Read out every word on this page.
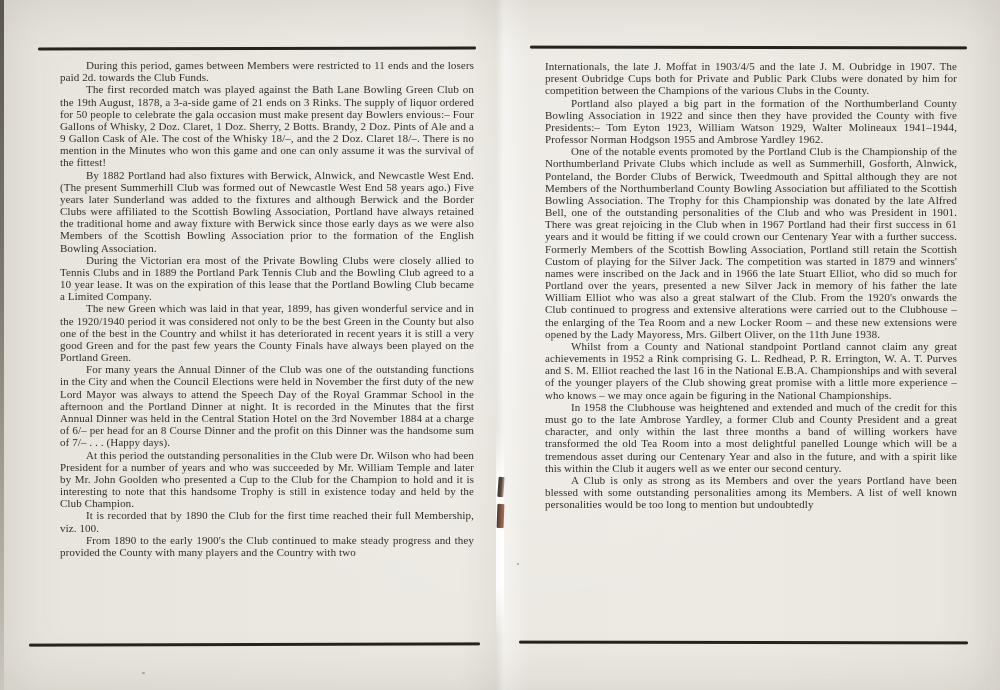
During this period, games between Members were restricted to 11 ends and the losers paid 2d. towards the Club Funds.

The first recorded match was played against the Bath Lane Bowling Green Club on the 19th August, 1878, a 3-a-side game of 21 ends on 3 Rinks. The supply of liquor ordered for 50 people to celebrate the gala occasion must make present day Bowlers envious:– Four Gallons of Whisky, 2 Doz. Claret, 1 Doz. Sherry, 2 Botts. Brandy, 2 Doz. Pints of Ale and a 9 Gallon Cask of Ale. The cost of the Whisky 18/–, and the 2 Doz. Claret 18/–. There is no mention in the Minutes who won this game and one can only assume it was the survival of the fittest!

By 1882 Portland had also fixtures with Berwick, Alnwick, and Newcastle West End. (The present Summerhill Club was formed out of Newcastle West End 58 years ago.) Five years later Sunderland was added to the fixtures and although Berwick and the Border Clubs were affiliated to the Scottish Bowling Association, Portland have always retained the traditional home and away fixture with Berwick since those early days as we were also Members of the Scottish Bowling Association prior to the formation of the English Bowling Association.

During the Victorian era most of the Private Bowling Clubs were closely allied to Tennis Clubs and in 1889 the Portland Park Tennis Club and the Bowling Club agreed to a 10 year lease. It was on the expiration of this lease that the Portland Bowling Club became a Limited Company.

The new Green which was laid in that year, 1899, has given wonderful service and in the 1920/1940 period it was considered not only to be the best Green in the County but also one of the best in the Country and whilst it has deteriorated in recent years it is still a very good Green and for the past few years the County Finals have always been played on the Portland Green.

For many years the Annual Dinner of the Club was one of the outstanding functions in the City and when the Council Elections were held in November the first duty of the new Lord Mayor was always to attend the Speech Day of the Royal Grammar School in the afternoon and the Portland Dinner at night. It is recorded in the Minutes that the first Annual Dinner was held in the Central Station Hotel on the 3rd November 1884 at a charge of 6/– per head for an 8 Course Dinner and the profit on this Dinner was the handsome sum of 7/– . . . (Happy days).

At this period the outstanding personalities in the Club were Dr. Wilson who had been President for a number of years and who was succeeded by Mr. William Temple and later by Mr. John Goolden who presented a Cup to the Club for the Champion to hold and it is interesting to note that this handsome Trophy is still in existence today and held by the Club Champion.

It is recorded that by 1890 the Club for the first time reached their full Membership, viz. 100.

From 1890 to the early 1900's the Club continued to make steady progress and they provided the County with many players and the Country with two

Internationals, the late J. Moffat in 1903/4/5 and the late J. M. Oubridge in 1907. The present Oubridge Cups both for Private and Public Park Clubs were donated by him for competition between the Champions of the various Clubs in the County.

Portland also played a big part in the formation of the Northumberland County Bowling Association in 1922 and since then they have provided the County with five Presidents:– Tom Eyton 1923, William Watson 1929, Walter Molineaux 1941–1944, Professor Norman Hodgson 1955 and Ambrose Yardley 1962.

One of the notable events promoted by the Portland Club is the Championship of the Northumberland Private Clubs which include as well as Summerhill, Gosforth, Alnwick, Ponteland, the Border Clubs of Berwick, Tweedmouth and Spittal although they are not Members of the Northumberland County Bowling Association but affiliated to the Scottish Bowling Association. The Trophy for this Championship was donated by the late Alfred Bell, one of the outstanding personalities of the Club and who was President in 1901. There was great rejoicing in the Club when in 1967 Portland had their first success in 61 years and it would be fitting if we could crown our Centenary Year with a further success. Formerly Members of the Scottish Bowling Association, Portland still retain the Scottish Custom of playing for the Silver Jack. The competition was started in 1879 and winners' names were inscribed on the Jack and in 1966 the late Stuart Elliot, who did so much for Portland over the years, presented a new Silver Jack in memory of his father the late William Elliot who was also a great stalwart of the Club. From the 1920's onwards the Club continued to progress and extensive alterations were carried out to the Clubhouse – the enlarging of the Tea Room and a new Locker Room – and these new extensions were opened by the Lady Mayoress, Mrs. Gilbert Oliver, on the 11th June 1938.

Whilst from a County and National standpoint Portland cannot claim any great achievements in 1952 a Rink comprising G. L. Redhead, P. R. Errington, W. A. T. Purves and S. M. Elliot reached the last 16 in the National E.B.A. Championships and with several of the younger players of the Club showing great promise with a little more experience – who knows – we may once again be figuring in the National Championships.

In 1958 the Clubhouse was heightened and extended and much of the credit for this must go to the late Ambrose Yardley, a former Club and County President and a great character, and only within the last three months a band of willing workers have transformed the old Tea Room into a most delightful panelled Lounge which will be a tremendous asset during our Centenary Year and also in the future, and with a spirit like this within the Club it augers well as we enter our second century.

A Club is only as strong as its Members and over the years Portland have been blessed with some outstanding personalities among its Members. A list of well known personalities would be too long to mention but undoubtedly
